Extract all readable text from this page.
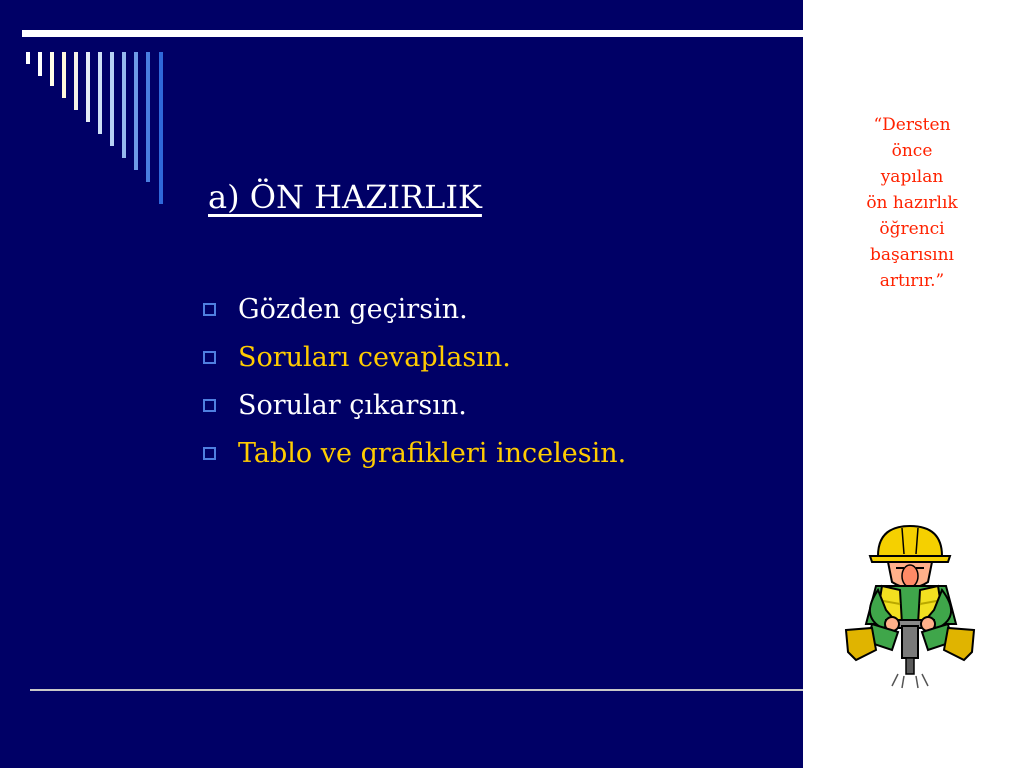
a) ÖN HAZIRLIK
Gözden geçirsin.
Soruları cevaplasın.
Sorular çıkarsın.
Tablo ve grafikleri incelesin.
“Dersten
önce
yapılan
ön hazırlık
öğrenci
başarısını
artırır.”
